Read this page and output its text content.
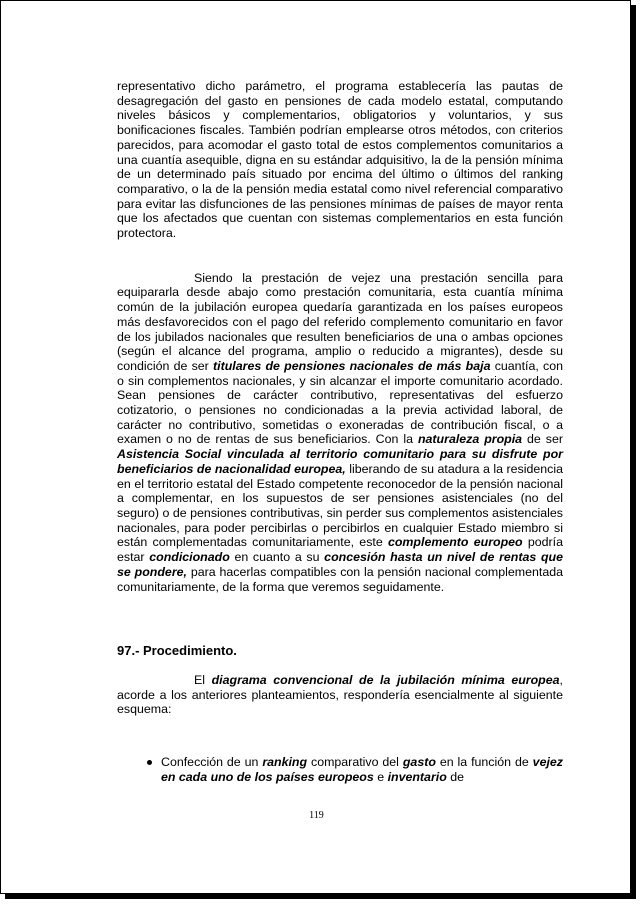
representativo dicho parámetro, el programa establecería las pautas de desagregación del gasto en pensiones de cada modelo estatal, computando niveles básicos y complementarios, obligatorios y voluntarios, y sus bonificaciones fiscales. También podrían emplearse otros métodos, con criterios parecidos, para acomodar el gasto total de estos complementos comunitarios a una cuantía asequible, digna en su estándar adquisitivo, la de la pensión mínima de un determinado país situado por encima del último o últimos del ranking comparativo, o la de la pensión media estatal como nivel referencial comparativo para evitar las disfunciones de las pensiones mínimas de países de mayor renta que los afectados que cuentan con sistemas complementarios en esta función protectora.

Siendo la prestación de vejez una prestación sencilla para equipararla desde abajo como prestación comunitaria, esta cuantía mínima común de la jubilación europea quedaría garantizada en los países europeos más desfavorecidos con el pago del referido complemento comunitario en favor de los jubilados nacionales que resulten beneficiarios de una o ambas opciones (según el alcance del programa, amplio o reducido a migrantes), desde su condición de ser titulares de pensiones nacionales de más baja cuantía, con o sin complementos nacionales, y sin alcanzar el importe comunitario acordado. Sean pensiones de carácter contributivo, representativas del esfuerzo cotizatorio, o pensiones no condicionadas a la previa actividad laboral, de carácter no contributivo, sometidas o exoneradas de contribución fiscal, o a examen o no de rentas de sus beneficiarios. Con la naturaleza propia de ser Asistencia Social vinculada al territorio comunitario para su disfrute por beneficiarios de nacionalidad europea, liberando de su atadura a la residencia en el territorio estatal del Estado competente reconocedor de la pensión nacional a complementar, en los supuestos de ser pensiones asistenciales (no del seguro) o de pensiones contributivas, sin perder sus complementos asistenciales nacionales, para poder percibirlas o percibirlos en cualquier Estado miembro si están complementadas comunitariamente, este complemento europeo podría estar condicionado en cuanto a su concesión hasta un nivel de rentas que se pondere, para hacerlas compatibles con la pensión nacional complementada comunitariamente, de la forma que veremos seguidamente.

97.- Procedimiento.

El diagrama convencional de la jubilación mínima europea, acorde a los anteriores planteamientos, respondería esencialmente al siguiente esquema:

Confección de un ranking comparativo del gasto en la función de vejez en cada uno de los países europeos e inventario de
119
